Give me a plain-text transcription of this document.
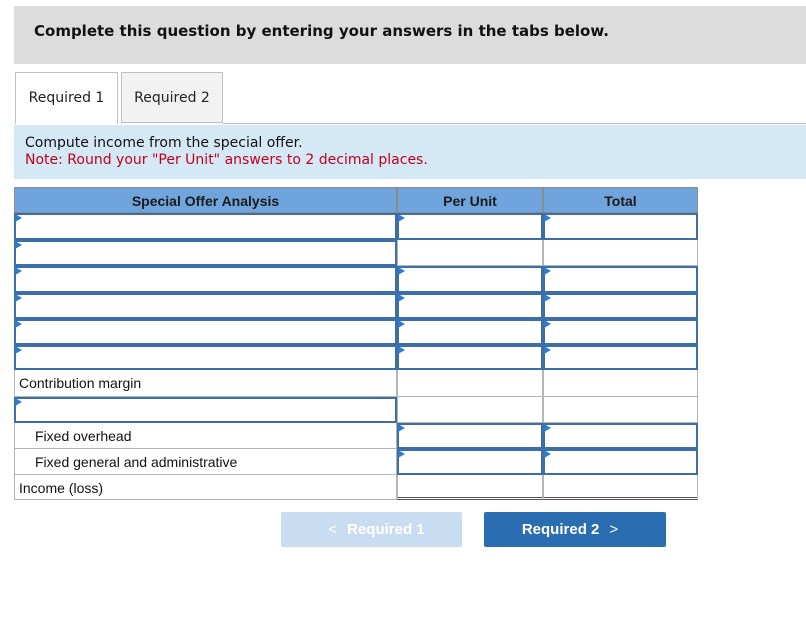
Complete this question by entering your answers in the tabs below.
Required 1	Required 2
Compute income from the special offer.
Note: Round your "Per Unit" answers to 2 decimal places.
Special Offer Analysis	Per Unit	Total
Contribution margin
Fixed overhead
Fixed general and administrative
Income (loss)
< Required 1	Required 2 >
